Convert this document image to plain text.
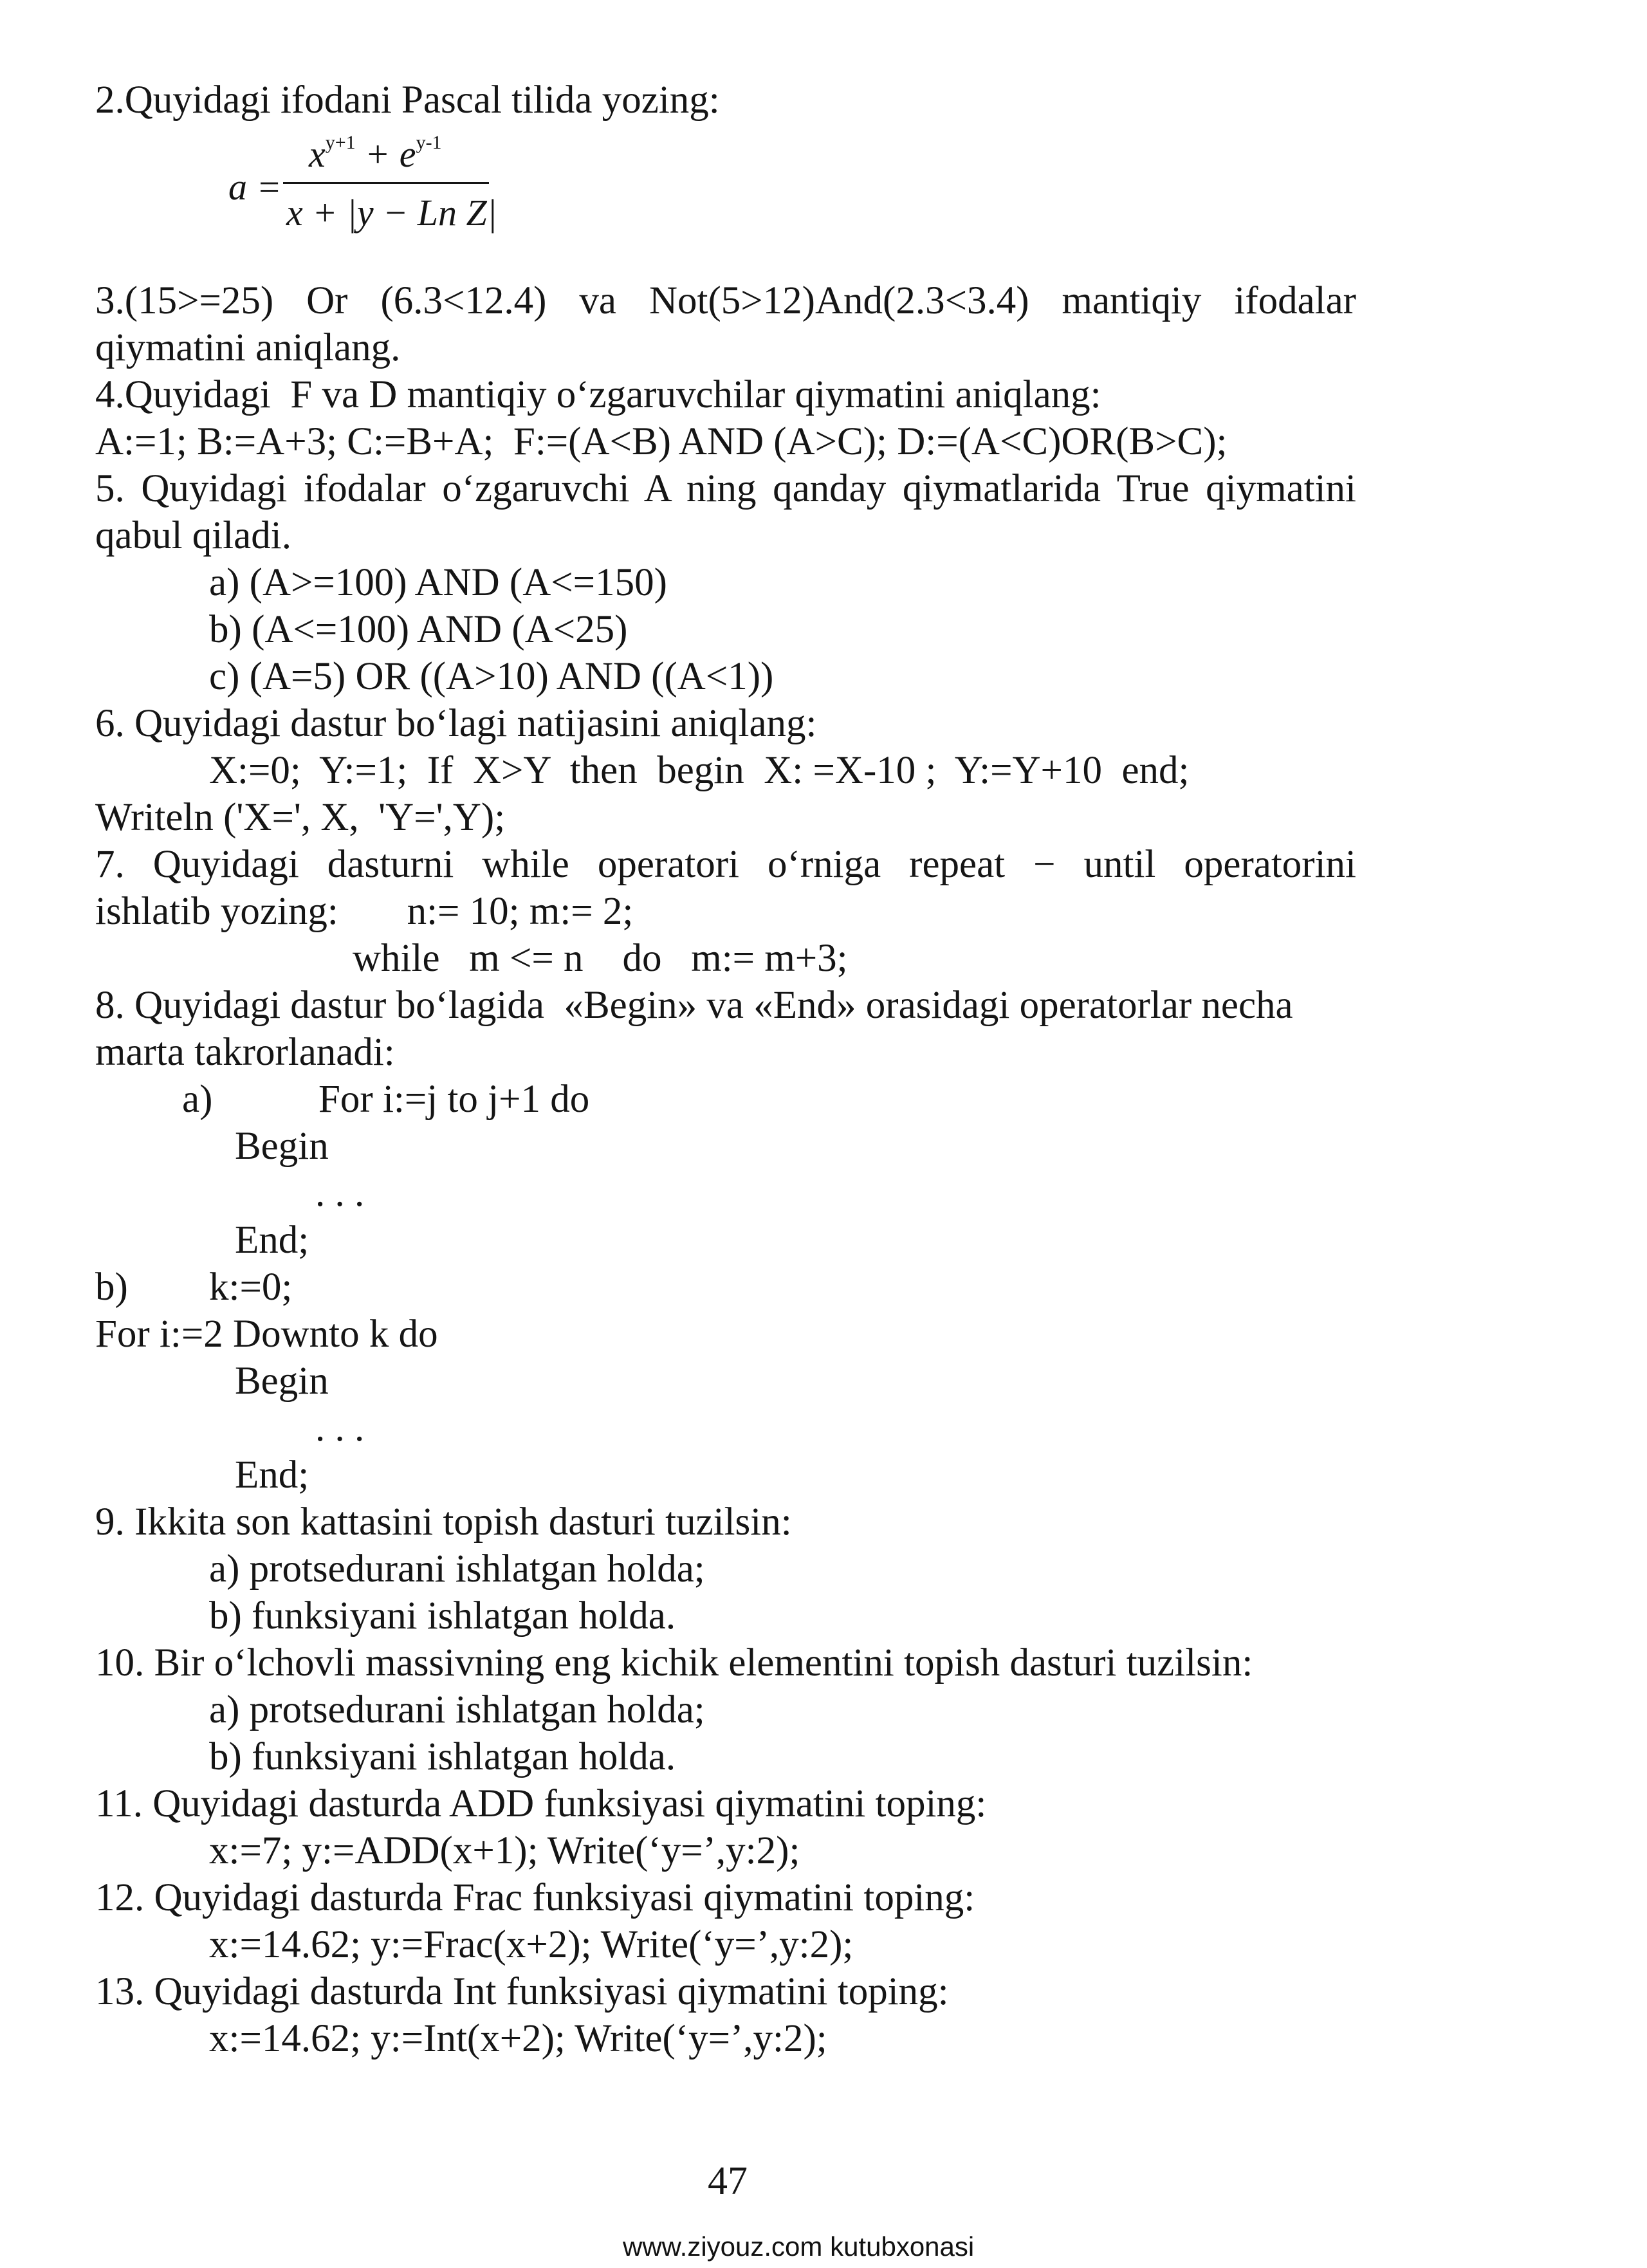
2.Quyidagi ifodani Pascal tilida yozing:
a =
$x^{y+1} + e^{y-1}$
x + |y − Ln Z|
3.(15>=25) Or (6.3<12.4) va Not(5>12)And(2.3<3.4) mantiqiy ifodalar
qiymatini aniqlang.
4.Quyidagi  F va D mantiqiy o‘zgaruvchilar qiymatini aniqlang:
A:=1; B:=A+3; C:=B+A;  F:=(A<B) AND (A>C); D:=(A<C)OR(B>C);
5. Quyidagi ifodalar o‘zgaruvchi A ning qanday qiymatlarida True qiymatini
qabul qiladi.
a) (A>=100) AND (A<=150)
b) (A<=100) AND (A<25)
c) (A=5) OR ((A>10) AND ((A<1))
6. Quyidagi dastur bo‘lagi natijasini aniqlang:
X:=0;  Y:=1;  If  X>Y  then  begin  X: =X-10 ;  Y:=Y+10  end;
Writeln ('X=', X,  'Y=',Y);
7. Quyidagi dasturni while operatori o‘rniga repeat − until operatorini
ishlatib yozing:       n:= 10; m:= 2;
while   m <= n    do   m:= m+3;
8. Quyidagi dastur bo‘lagida  «Begin» va «End» orasidagi operatorlar necha
marta takrorlanadi:
a)	For i:=j to j+1 do
Begin
. . .
End;
b) k:=0;
For i:=2 Downto k do
Begin
. . .
End;
9. Ikkita son kattasini topish dasturi tuzilsin:
a) protsedurani ishlatgan holda;
b) funksiyani ishlatgan holda.
10. Bir o‘lchovli massivning eng kichik elementini topish dasturi tuzilsin:
a) protsedurani ishlatgan holda;
b) funksiyani ishlatgan holda.
11. Quyidagi dasturda ADD funksiyasi qiymatini toping:
x:=7; y:=ADD(x+1); Write(‘y=’,y:2);
12. Quyidagi dasturda Frac funksiyasi qiymatini toping:
x:=14.62; y:=Frac(x+2); Write(‘y=’,y:2);
13. Quyidagi dasturda Int funksiyasi qiymatini toping:
x:=14.62; y:=Int(x+2); Write(‘y=’,y:2);
47
www.ziyouz.com kutubxonasi
